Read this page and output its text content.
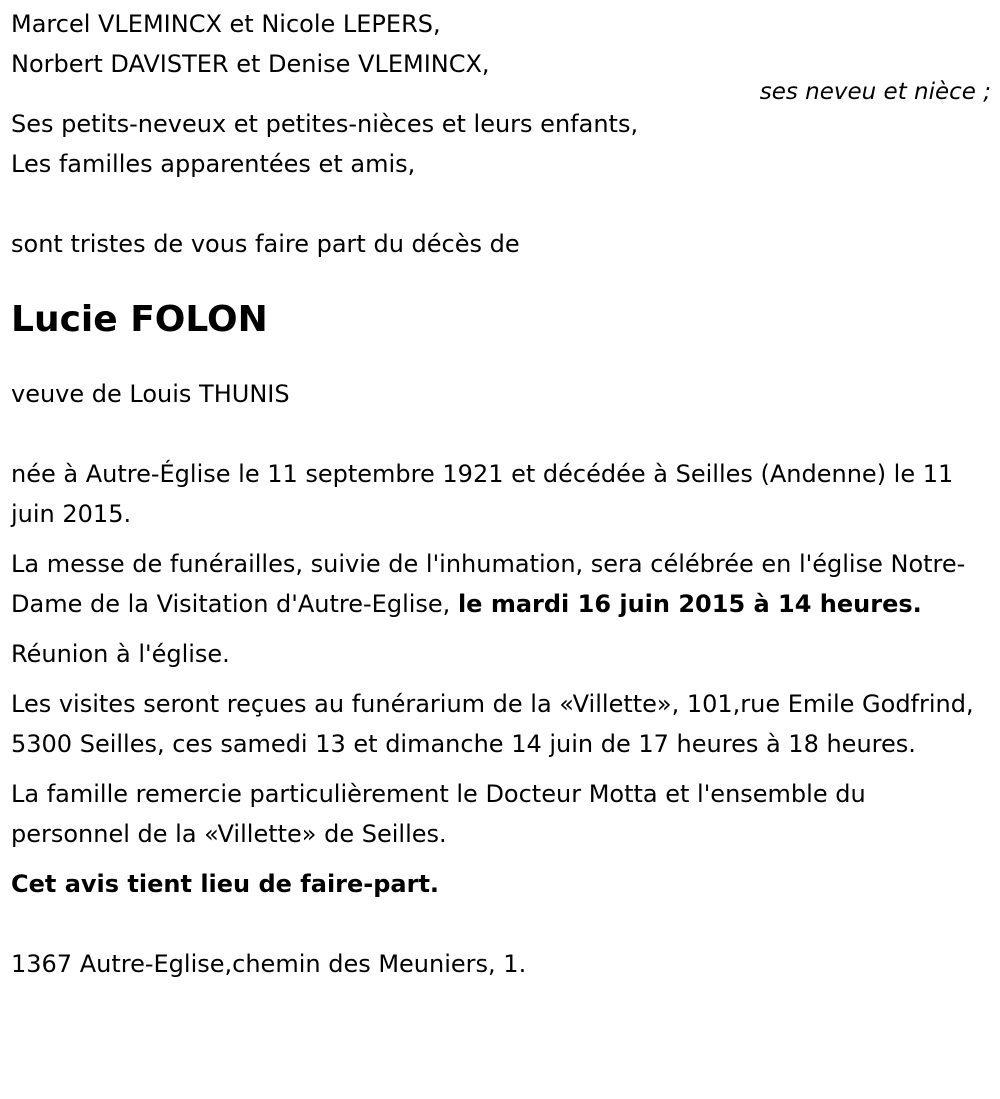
Marcel VLEMINCX et Nicole LEPERS,
Norbert DAVISTER et Denise VLEMINCX,
ses neveu et nièce ;
Ses petits-neveux et petites-nièces et leurs enfants,
Les familles apparentées et amis,
sont tristes de vous faire part du décès de
Lucie FOLON
veuve de Louis THUNIS
née à Autre-Église le 11 septembre 1921 et décédée à Seilles (Andenne) le 11 juin 2015.
La messe de funérailles, suivie de l'inhumation, sera célébrée en l'église Notre-Dame de la Visitation d'Autre-Eglise, le mardi 16 juin 2015 à 14 heures.
Réunion à l'église.
Les visites seront reçues au funérarium de la «Villette», 101,rue Emile Godfrind, 5300 Seilles, ces samedi 13 et dimanche 14 juin de 17 heures à 18 heures.
La famille remercie particulièrement le Docteur Motta et l'ensemble du personnel de la «Villette» de Seilles.
Cet avis tient lieu de faire-part.
1367 Autre-Eglise,chemin des Meuniers, 1.
